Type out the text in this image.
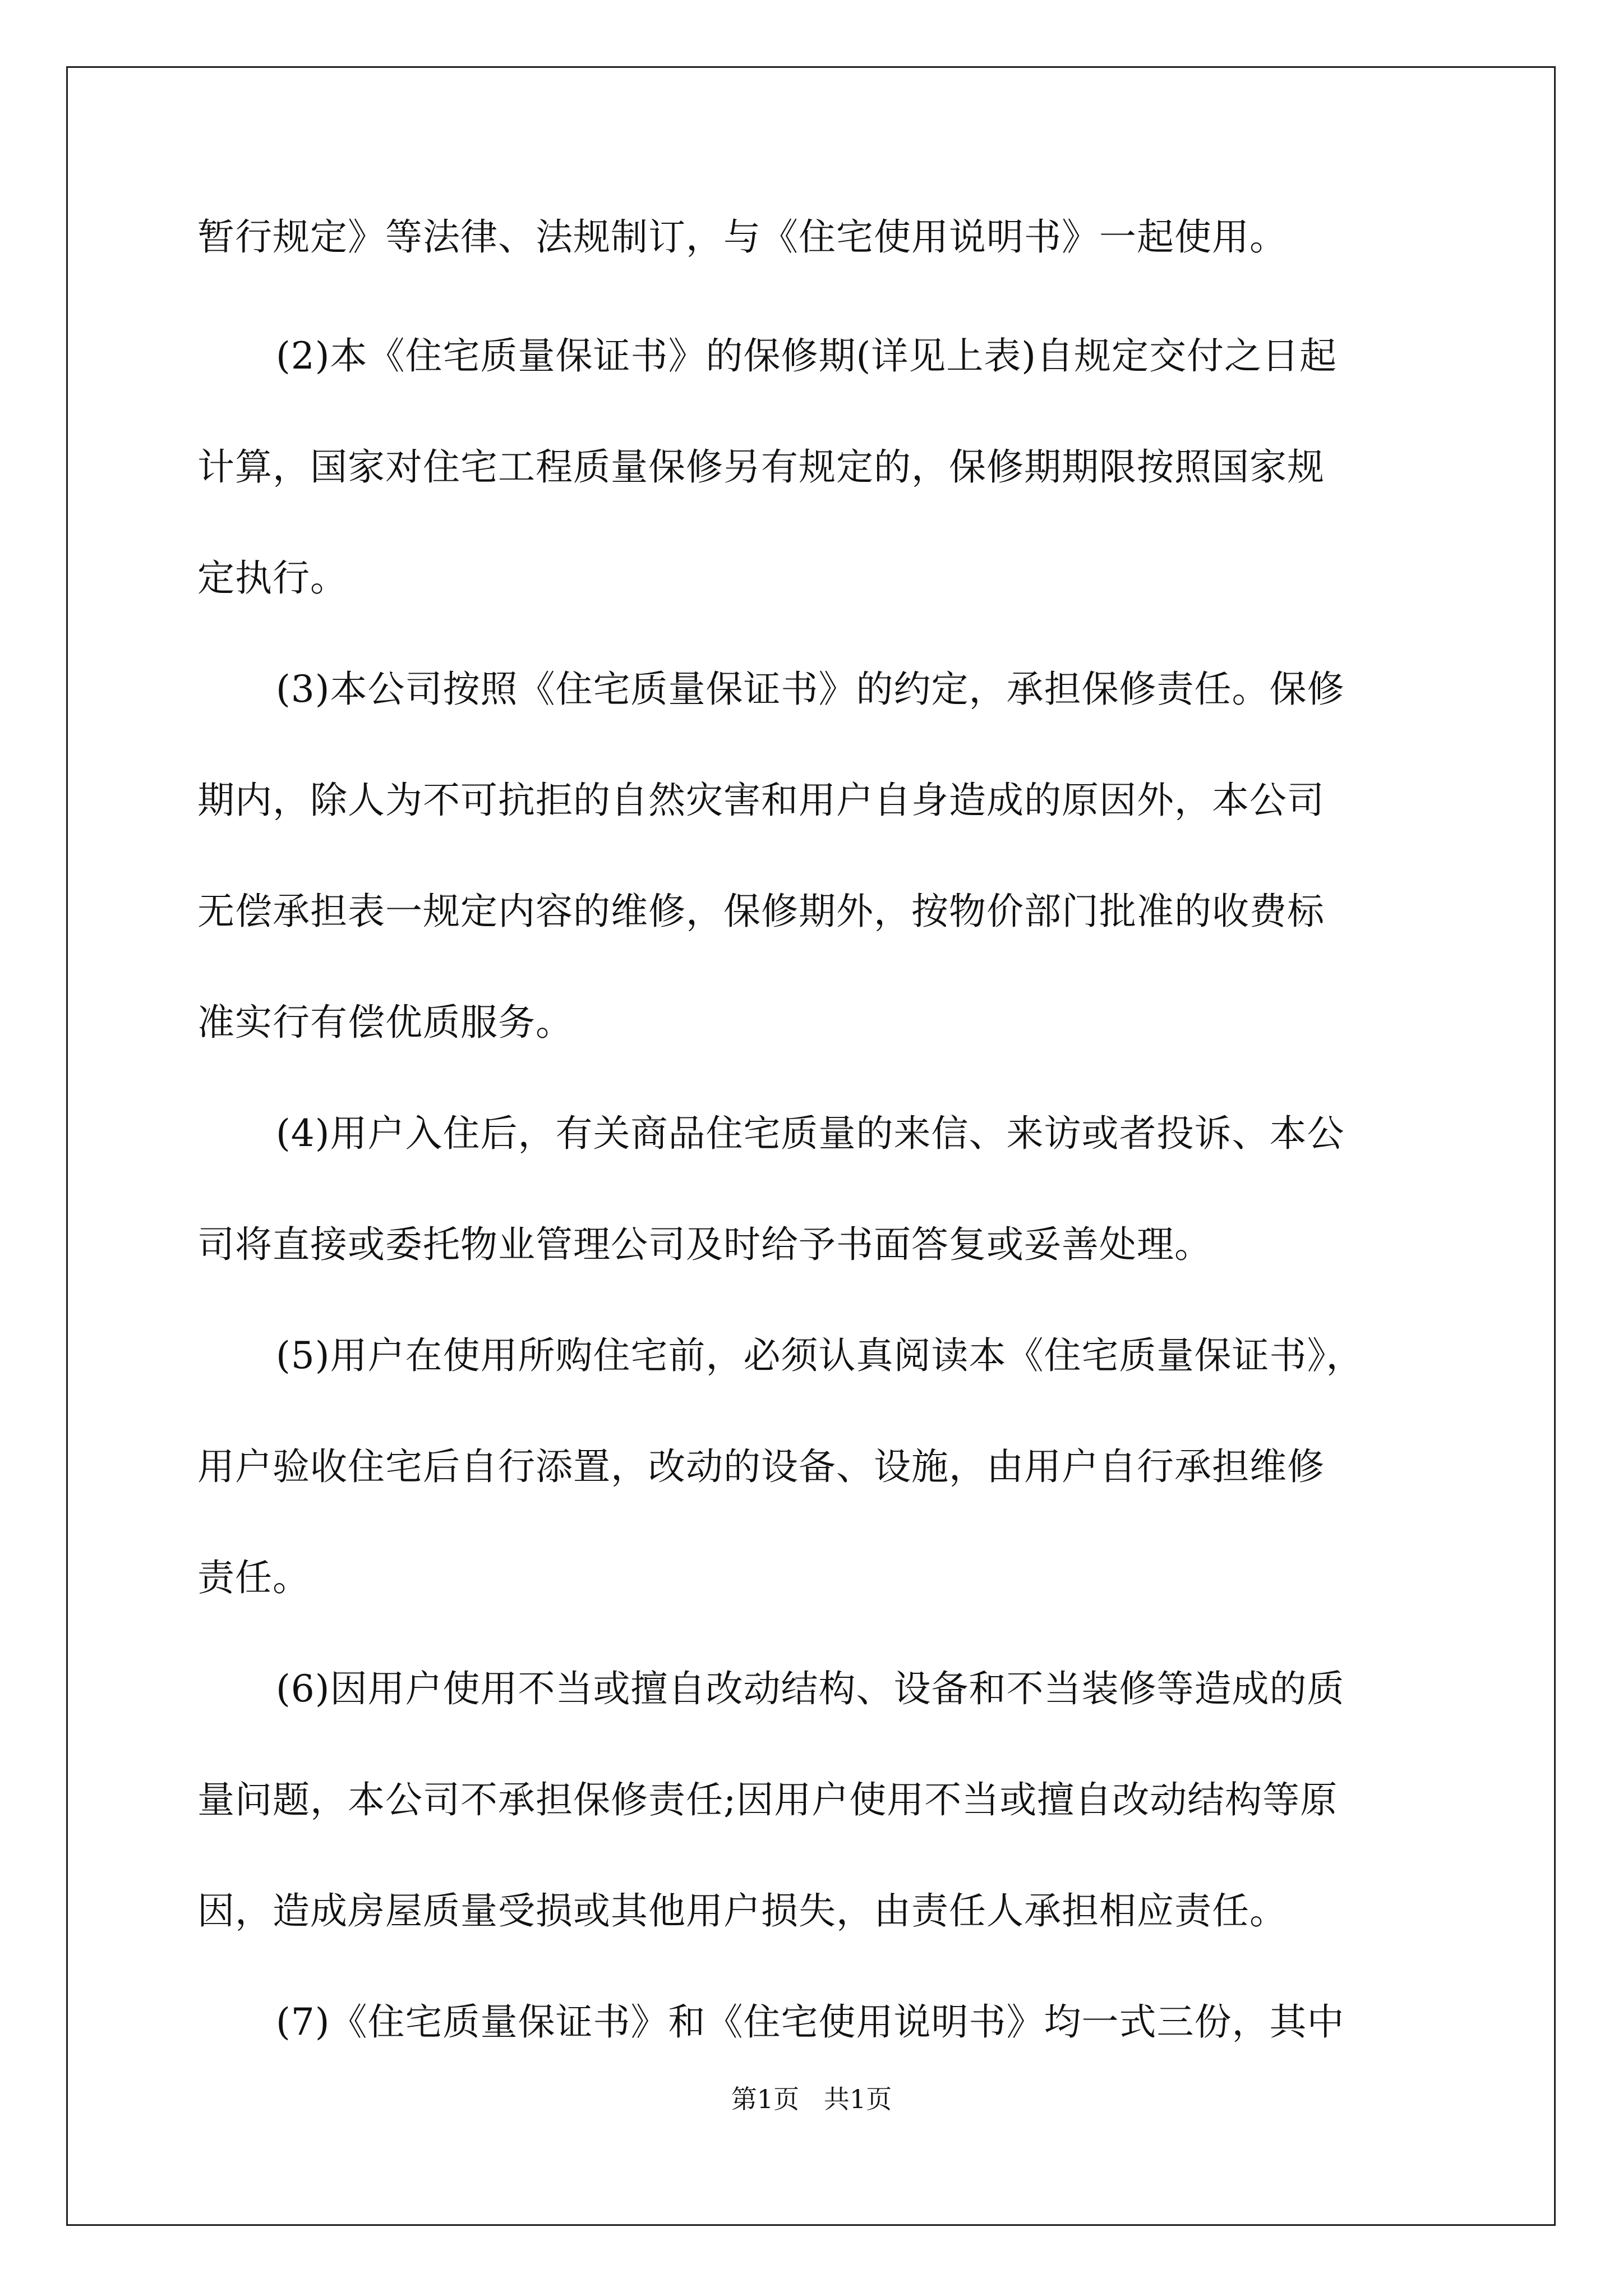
暂行规定》等法律、法规制订，与《住宅使用说明书》一起使用。
(2)本《住宅质量保证书》的保修期(详见上表)自规定交付之日起
计算，国家对住宅工程质量保修另有规定的，保修期期限按照国家规
定执行。
(3)本公司按照《住宅质量保证书》的约定，承担保修责任。保修
期内，除人为不可抗拒的自然灾害和用户自身造成的原因外，本公司
无偿承担表一规定内容的维修，保修期外，按物价部门批准的收费标
准实行有偿优质服务。
(4)用户入住后，有关商品住宅质量的来信、来访或者投诉、本公
司将直接或委托物业管理公司及时给予书面答复或妥善处理。
(5)用户在使用所购住宅前，必须认真阅读本《住宅质量保证书》，
用户验收住宅后自行添置，改动的设备、设施，由用户自行承担维修
责任。
(6)因用户使用不当或擅自改动结构、设备和不当装修等造成的质
量问题，本公司不承担保修责任;因用户使用不当或擅自改动结构等原
因，造成房屋质量受损或其他用户损失，由责任人承担相应责任。
(7)《住宅质量保证书》和《住宅使用说明书》均一式三份，其中
第1页   共1页
